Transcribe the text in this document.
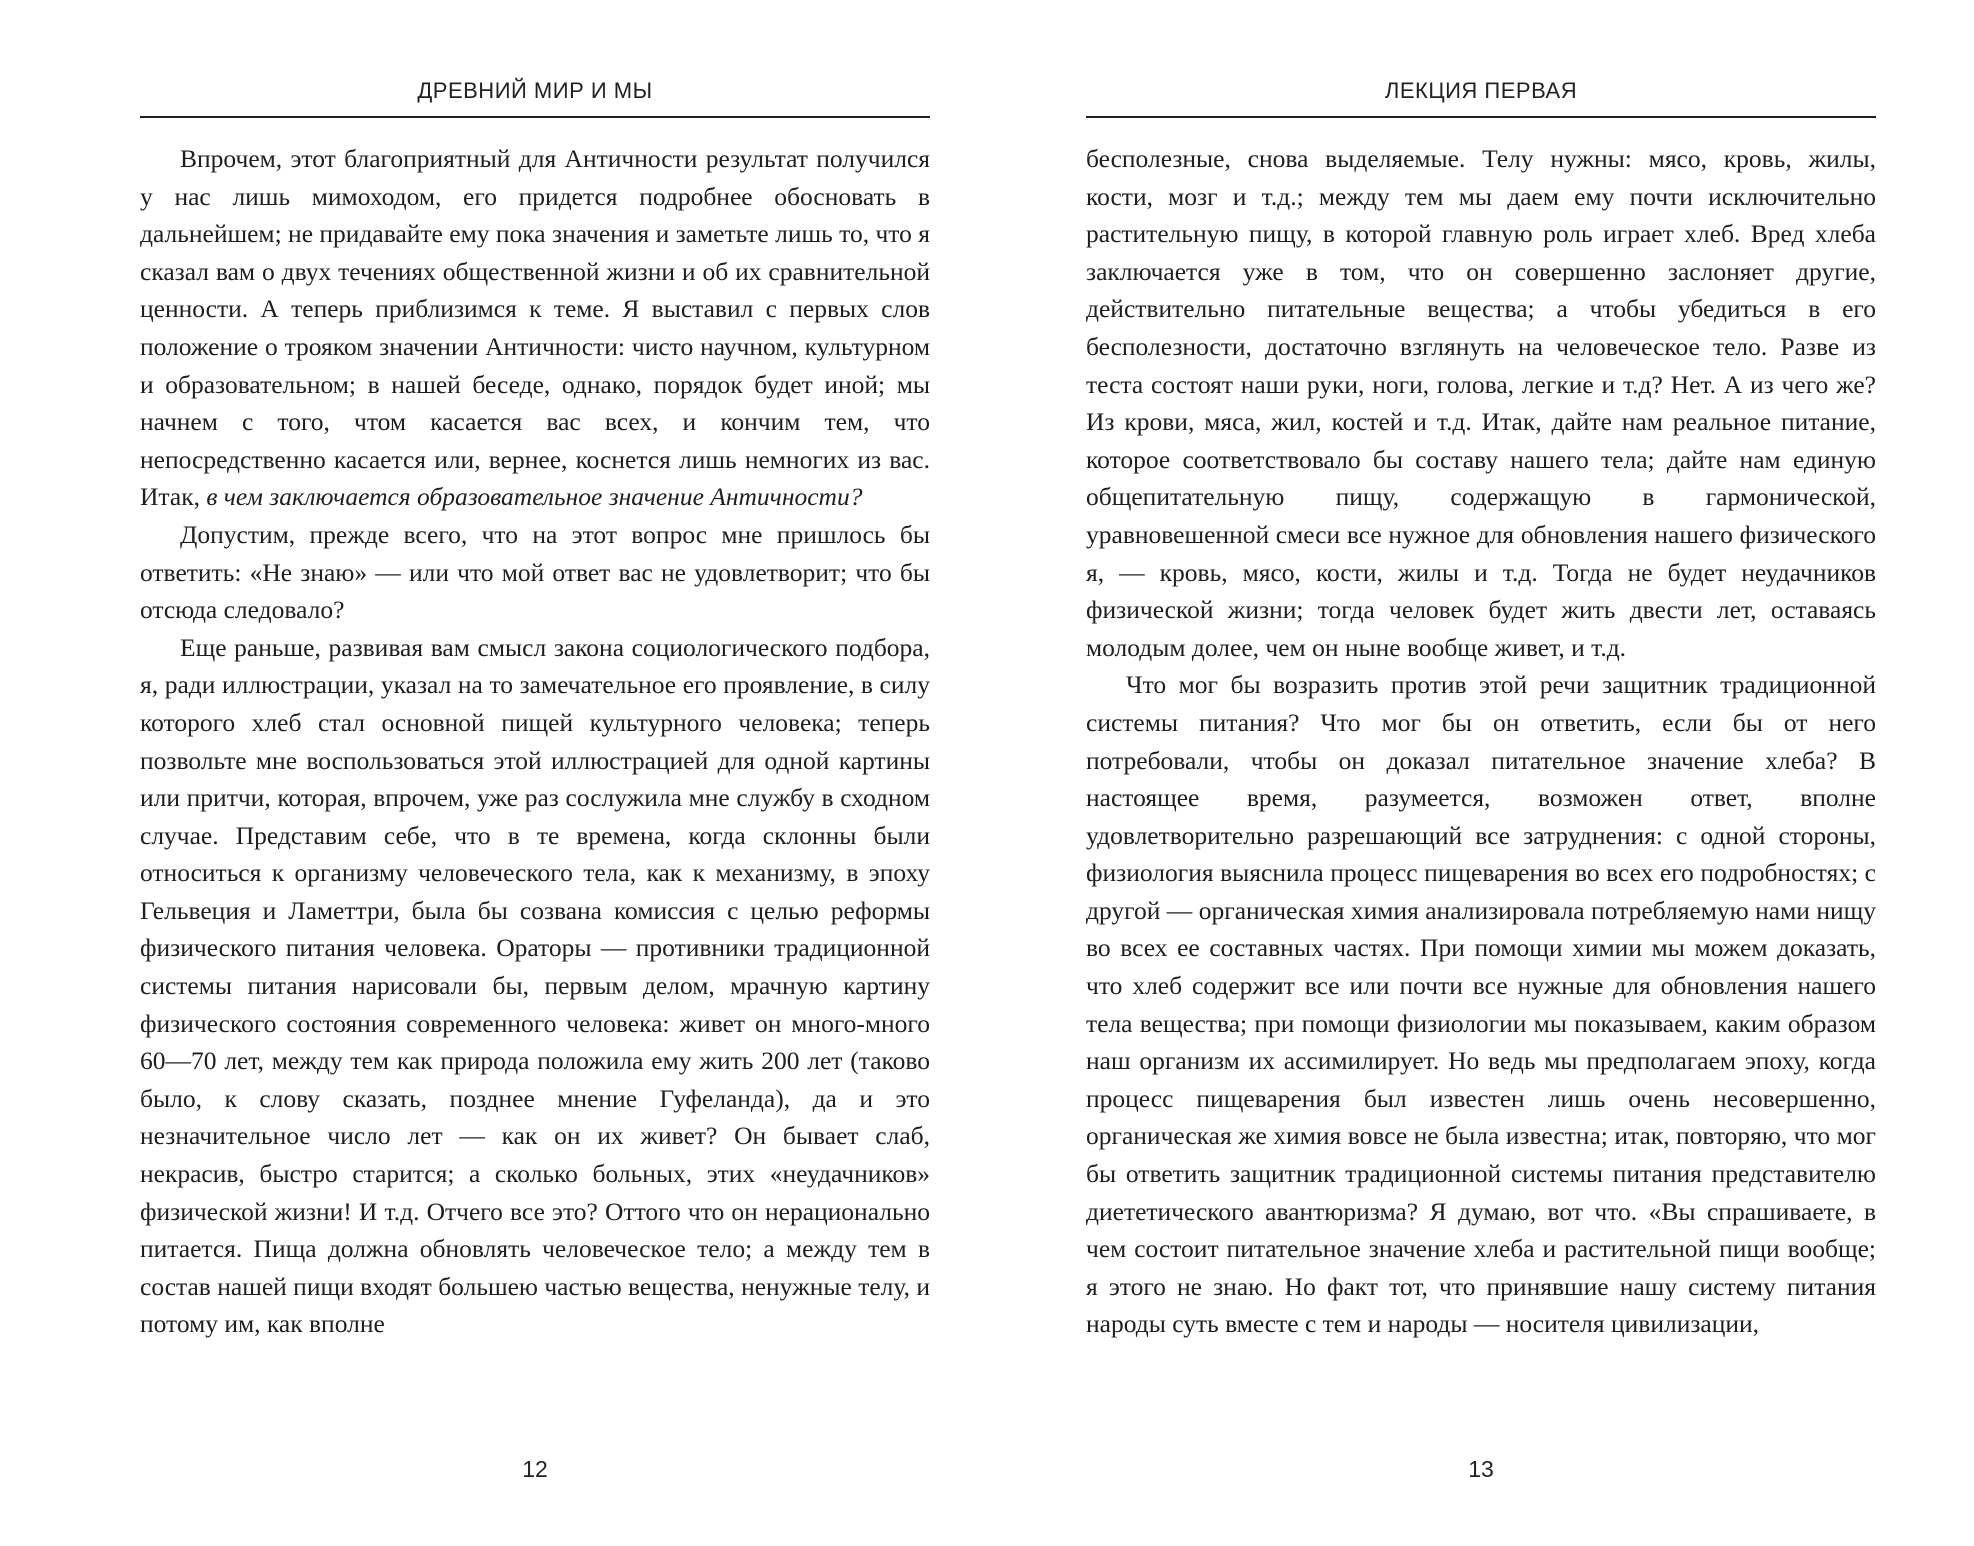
ДРЕВНИЙ МИР И МЫ

Впрочем, этот благоприятный для Античности результат получился у нас лишь мимоходом, его придется подробнее обосновать в дальнейшем; не придавайте ему пока значения и заметьте лишь то, что я сказал вам о двух течениях общественной жизни и об их сравнительной ценности. А теперь приблизимся к теме. Я выставил с первых слов положение о трояком значении Античности: чисто научном, культурном и образовательном; в нашей беседе, однако, порядок будет иной; мы начнем с того, чтом касается вас всех, и кончим тем, что непосредственно касается или, вернее, коснется лишь немногих из вас. Итак, в чем заключается образовательное значение Античности?

Допустим, прежде всего, что на этот вопрос мне пришлось бы ответить: «Не знаю» — или что мой ответ вас не удовлетворит; что бы отсюда следовало?

Еще раньше, развивая вам смысл закона социологического подбора, я, ради иллюстрации, указал на то замечательное его проявление, в силу которого хлеб стал основной пищей культурного человека; теперь позвольте мне воспользоваться этой иллюстрацией для одной картины или притчи, которая, впрочем, уже раз сослужила мне службу в сходном случае. Представим себе, что в те времена, когда склонны были относиться к организму человеческого тела, как к механизму, в эпоху Гельвеция и Ламеттри, была бы созвана комиссия с целью реформы физического питания человека. Ораторы — противники традиционной системы питания нарисовали бы, первым делом, мрачную картину физического состояния современного человека: живет он много-много 60—70 лет, между тем как природа положила ему жить 200 лет (таково было, к слову сказать, позднее мнение Гуфеланда), да и это незначительное число лет — как он их живет? Он бывает слаб, некрасив, быстро старится; а сколько больных, этих «неудачников» физической жизни! И т.д. Отчего все это? Оттого что он нерационально питается. Пища должна обновлять человеческое тело; а между тем в состав нашей пищи входят большею частью вещества, ненужные телу, и потому им, как вполне

12
ЛЕКЦИЯ ПЕРВАЯ

бесполезные, снова выделяемые. Телу нужны: мясо, кровь, жилы, кости, мозг и т.д.; между тем мы даем ему почти исключительно растительную пищу, в которой главную роль играет хлеб. Вред хлеба заключается уже в том, что он совершенно заслоняет другие, действительно питательные вещества; а чтобы убедиться в его бесполезности, достаточно взглянуть на человеческое тело. Разве из теста состоят наши руки, ноги, голова, легкие и т.д? Нет. А из чего же? Из крови, мяса, жил, костей и т.д. Итак, дайте нам реальное питание, которое соответствовало бы составу нашего тела; дайте нам единую общепитательную пищу, содержащую в гармонической, уравновешенной смеси все нужное для обновления нашего физического я, — кровь, мясо, кости, жилы и т.д. Тогда не будет неудачников физической жизни; тогда человек будет жить двести лет, оставаясь молодым долее, чем он ныне вообще живет, и т.д.

Что мог бы возразить против этой речи защитник традиционной системы питания? Что мог бы он ответить, если бы от него потребовали, чтобы он доказал питательное значение хлеба? В настоящее время, разумеется, возможен ответ, вполне удовлетворительно разрешающий все затруднения: с одной стороны, физиология выяснила процесс пищеварения во всех его подробностях; с другой — органическая химия анализировала потребляемую нами нищу во всех ее составных частях. При помощи химии мы можем доказать, что хлеб содержит все или почти все нужные для обновления нашего тела вещества; при помощи физиологии мы показываем, каким образом наш организм их ассимилирует. Но ведь мы предполагаем эпоху, когда процесс пищеварения был известен лишь очень несовершенно, органическая же химия вовсе не была известна; итак, повторяю, что мог бы ответить защитник традиционной системы питания представителю диететического авантюризма? Я думаю, вот что. «Вы спрашиваете, в чем состоит питательное значение хлеба и растительной пищи вообще; я этого не знаю. Но факт тот, что принявшие нашу систему питания народы суть вместе с тем и народы — носителя цивилизации,

13
